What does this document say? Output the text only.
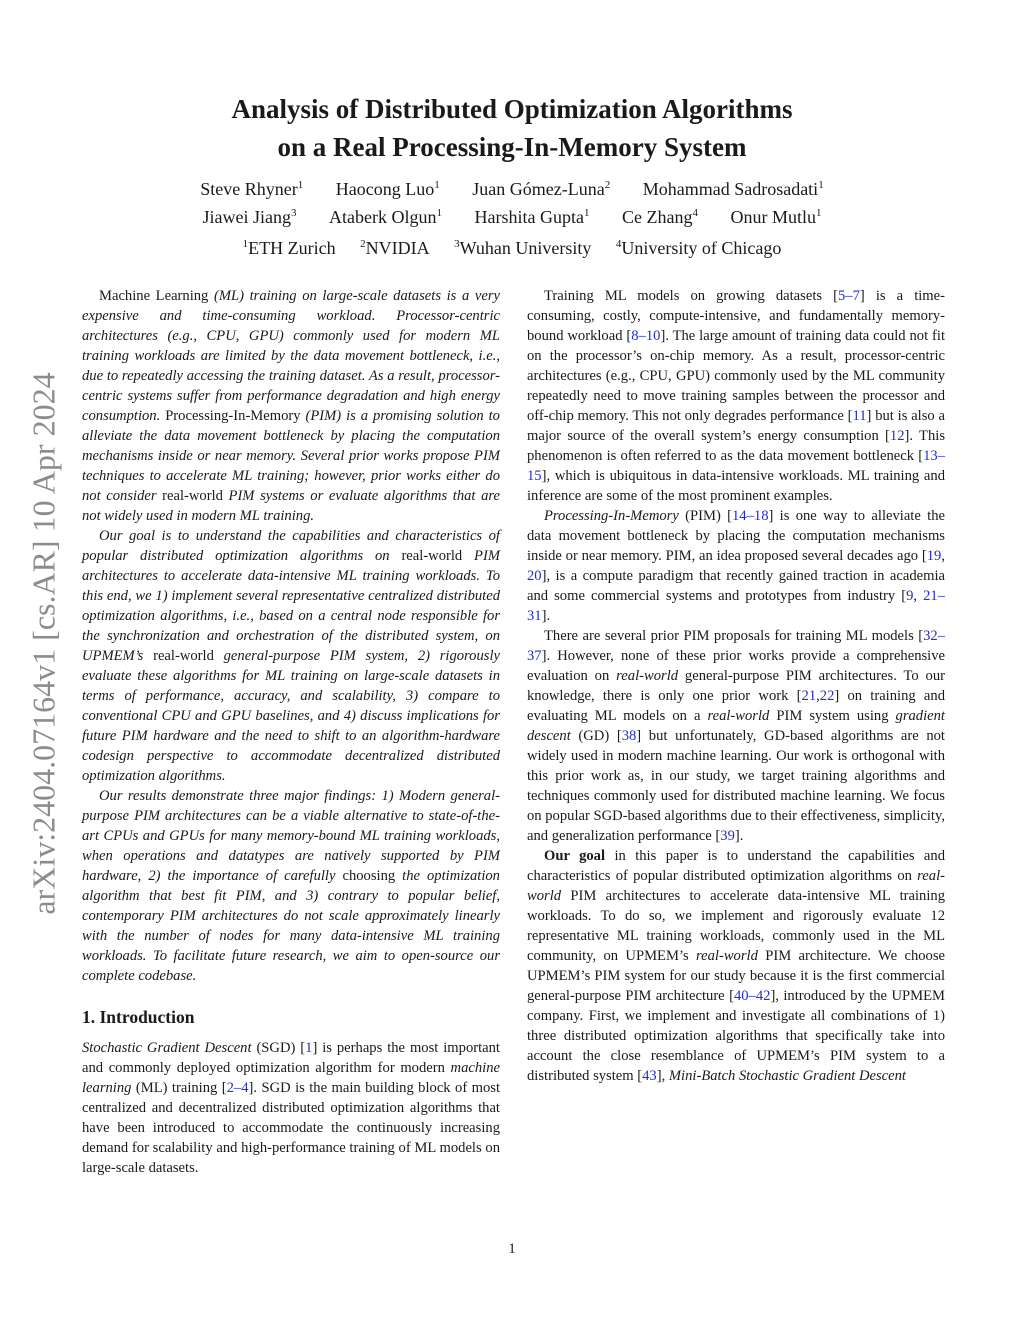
arXiv:2404.07164v1 [cs.AR] 10 Apr 2024
Analysis of Distributed Optimization Algorithms
on a Real Processing-In-Memory System
Steve Rhyner$^1$ Haocong Luo$^1$ Juan Gómez-Luna$^2$ Mohammad Sadrosadati$^1$
Jiawei Jiang$^3$ Ataberk Olgun$^1$ Harshita Gupta$^1$ Ce Zhang$^4$ Onur Mutlu$^1$
$^1$ETH Zurich $^2$NVIDIA $^3$Wuhan University $^4$University of Chicago

Machine Learning (ML) training on large-scale datasets is a very expensive and time-consuming workload. Processor-centric architectures (e.g., CPU, GPU) commonly used for modern ML training workloads are limited by the data movement bottleneck, i.e., due to repeatedly accessing the training dataset. As a result, processor-centric systems suffer from performance degradation and high energy consumption. Processing-In-Memory (PIM) is a promising solution to alleviate the data movement bottleneck by placing the computation mechanisms inside or near memory. Several prior works propose PIM techniques to accelerate ML training; however, prior works either do not consider real-world PIM systems or evaluate algorithms that are not widely used in modern ML training.

Our goal is to understand the capabilities and characteristics of popular distributed optimization algorithms on real-world PIM architectures to accelerate data-intensive ML training workloads. To this end, we 1) implement several representative centralized distributed optimization algorithms, i.e., based on a central node responsible for the synchronization and orchestration of the distributed system, on UPMEM’s real-world general-purpose PIM system, 2) rigorously evaluate these algorithms for ML training on large-scale datasets in terms of performance, accuracy, and scalability, 3) compare to conventional CPU and GPU baselines, and 4) discuss implications for future PIM hardware and the need to shift to an algorithm-hardware codesign perspective to accommodate decentralized distributed optimization algorithms.

Our results demonstrate three major findings: 1) Modern general-purpose PIM architectures can be a viable alternative to state-of-the-art CPUs and GPUs for many memory-bound ML training workloads, when operations and datatypes are natively supported by PIM hardware, 2) the importance of carefully choosing the optimization algorithm that best fit PIM, and 3) contrary to popular belief, contemporary PIM architectures do not scale approximately linearly with the number of nodes for many data-intensive ML training workloads. To facilitate future research, we aim to open-source our complete codebase.

1. Introduction

Stochastic Gradient Descent (SGD) [1] is perhaps the most important and commonly deployed optimization algorithm for modern machine learning (ML) training [2–4]. SGD is the main building block of most centralized and decentralized distributed optimization algorithms that have been introduced to accommodate the continuously increasing demand for scalability and high-performance training of ML models on large-scale datasets.

Training ML models on growing datasets [5–7] is a time-consuming, costly, compute-intensive, and fundamentally memory-bound workload [8–10]. The large amount of training data could not fit on the processor’s on-chip memory. As a result, processor-centric architectures (e.g., CPU, GPU) commonly used by the ML community repeatedly need to move training samples between the processor and off-chip memory. This not only degrades performance [11] but is also a major source of the overall system’s energy consumption [12]. This phenomenon is often referred to as the data movement bottleneck [13–15], which is ubiquitous in data-intensive workloads. ML training and inference are some of the most prominent examples.

Processing-In-Memory (PIM) [14–18] is one way to alleviate the data movement bottleneck by placing the computation mechanisms inside or near memory. PIM, an idea proposed several decades ago [19, 20], is a compute paradigm that recently gained traction in academia and some commercial systems and prototypes from industry [9, 21–31].

There are several prior PIM proposals for training ML models [32–37]. However, none of these prior works provide a comprehensive evaluation on real-world general-purpose PIM architectures. To our knowledge, there is only one prior work [21,22] on training and evaluating ML models on a real-world PIM system using gradient descent (GD) [38] but unfortunately, GD-based algorithms are not widely used in modern machine learning. Our work is orthogonal with this prior work as, in our study, we target training algorithms and techniques commonly used for distributed machine learning. We focus on popular SGD-based algorithms due to their effectiveness, simplicity, and generalization performance [39].

Our goal in this paper is to understand the capabilities and characteristics of popular distributed optimization algorithms on real-world PIM architectures to accelerate data-intensive ML training workloads. To do so, we implement and rigorously evaluate 12 representative ML training workloads, commonly used in the ML community, on UPMEM’s real-world PIM architecture. We choose UPMEM’s PIM system for our study because it is the first commercial general-purpose PIM architecture [40–42], introduced by the UPMEM company. First, we implement and investigate all combinations of 1) three distributed optimization algorithms that specifically take into account the close resemblance of UPMEM’s PIM system to a distributed system [43], Mini-Batch Stochastic Gradient Descent

1
